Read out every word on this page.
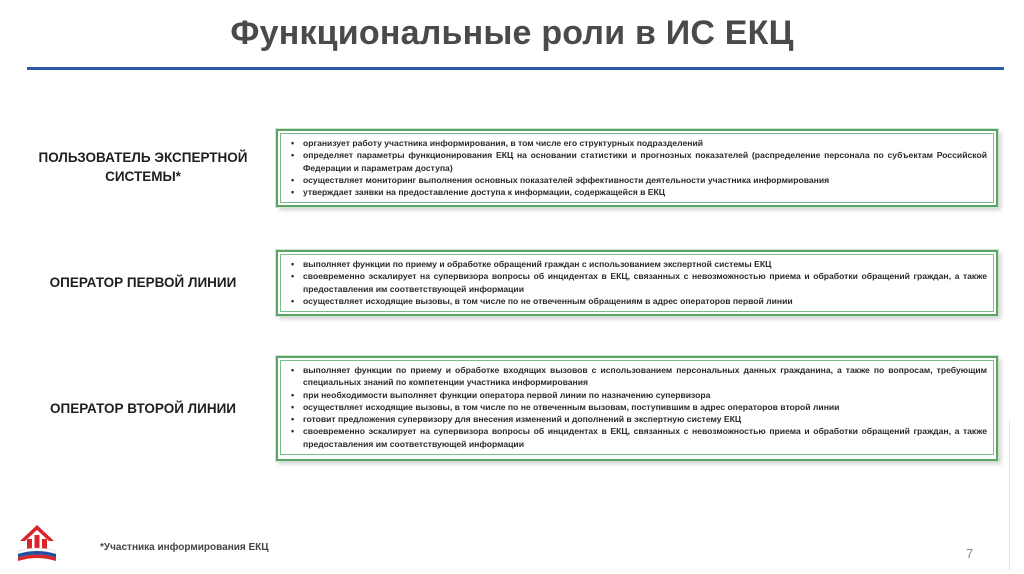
Функциональные роли в ИС ЕКЦ
ПОЛЬЗОВАТЕЛЬ ЭКСПЕРТНОЙ СИСТЕМЫ*
• организует работу участника информирования, в том числе его структурных подразделений
• определяет параметры функционирования ЕКЦ на основании статистики и прогнозных показателей (распределение персонала по субъектам Российской Федерации и параметрам доступа)
• осуществляет мониторинг выполнения основных показателей эффективности деятельности участника информирования
• утверждает заявки на предоставление доступа к информации, содержащейся в ЕКЦ
ОПЕРАТОР ПЕРВОЙ ЛИНИИ
• выполняет функции по приему и обработке обращений граждан с использованием экспертной системы ЕКЦ
• своевременно эскалирует на супервизора вопросы об инцидентах в ЕКЦ, связанных с невозможностью приема и обработки обращений граждан, а также предоставления им соответствующей информации
• осуществляет исходящие вызовы, в том числе по не отвеченным обращениям в адрес операторов первой линии
ОПЕРАТОР ВТОРОЙ ЛИНИИ
• выполняет функции по приему и обработке входящих вызовов с использованием персональных данных гражданина, а также по вопросам, требующим специальных знаний по компетенции участника информирования
• при необходимости выполняет функции оператора первой линии по назначению супервизора
• осуществляет исходящие вызовы, в том числе по не отвеченным вызовам, поступившим в адрес операторов второй линии
• готовит предложения супервизору для внесения изменений и дополнений в экспертную систему ЕКЦ
• своевременно эскалирует на супервизора вопросы об инцидентах в ЕКЦ, связанных с невозможностью приема и обработки обращений граждан, а также предоставления им соответствующей информации
*Участника информирования ЕКЦ	7
